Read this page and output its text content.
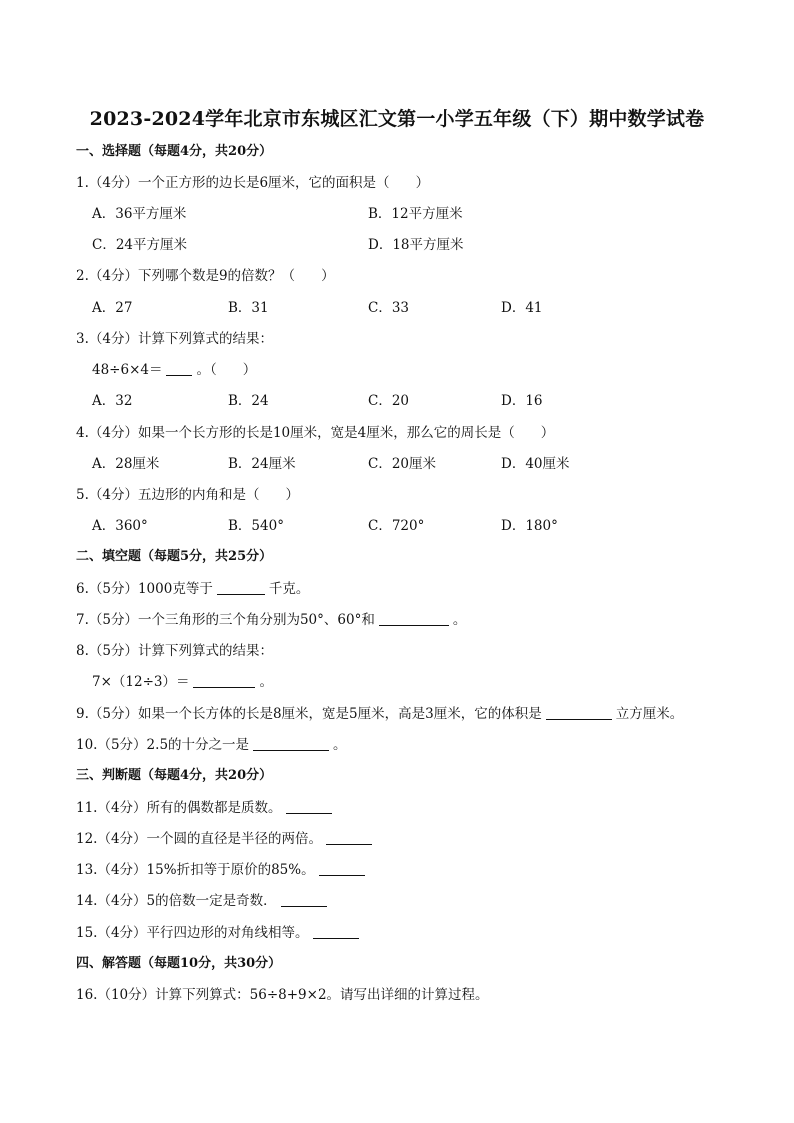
2023-2024学年北京市东城区汇文第一小学五年级（下）期中数学试卷
一、选择题（每题4分，共20分）
1.（4分）一个正方形的边长是6厘米，它的面积是（ ）
A．36平方厘米	B．12平方厘米
C．24平方厘米	D．18平方厘米
2.（4分）下列哪个数是9的倍数？（ ）
A．27	B．31	C．33	D．41
3.（4分）计算下列算式的结果：
48÷6×4＝	。（ ）
A．32	B．24	C．20	D．16
4.（4分）如果一个长方形的长是10厘米，宽是4厘米，那么它的周长是（ ）
A．28厘米	B．24厘米	C．20厘米	D．40厘米
5.（4分）五边形的内角和是（ ）
A．360°	B．540°	C．720°	D．180°
二、填空题（每题5分，共25分）
6.（5分）1000克等于	千克。
7.（5分）一个三角形的三个角分别为50°、60°和	。
8.（5分）计算下列算式的结果：
7×（12÷3）＝	。
9.（5分）如果一个长方体的长是8厘米，宽是5厘米，高是3厘米，它的体积是	立方厘米。
10.（5分）2.5的十分之一是	。
三、判断题（每题4分，共20分）
11.（4分）所有的偶数都是质数。
12.（4分）一个圆的直径是半径的两倍。
13.（4分）15%折扣等于原价的85%。
14.（4分）5的倍数一定是奇数．
15.（4分）平行四边形的对角线相等。
四、解答题（每题10分，共30分）
16.（10分）计算下列算式：56÷8+9×2。请写出详细的计算过程。
